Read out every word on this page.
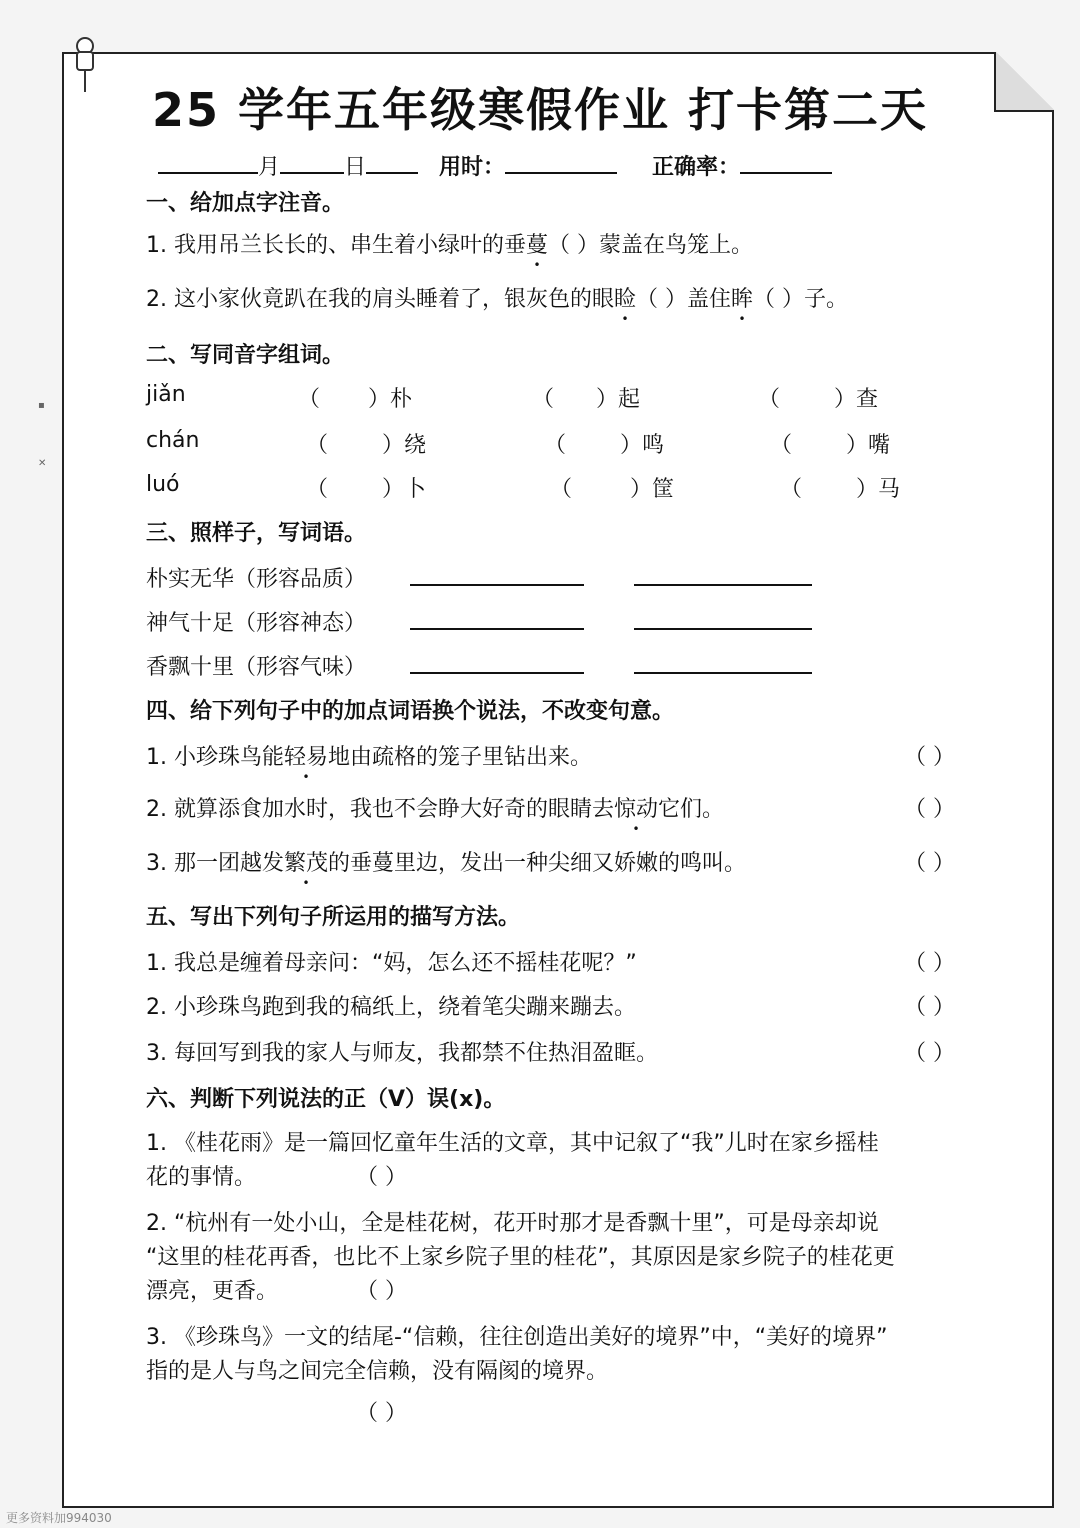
▪
✕
25 学年五年级寒假作业 打卡第二天
月	日	用时：	正确率：
一、给加点字注音。
1. 我用吊兰长长的、串生着小绿叶的垂蔓（ ）蒙盖在鸟笼上。
2. 这小家伙竟趴在我的肩头睡着了，银灰色的眼睑（ ）盖住眸（ ）子。
二、写同音字组词。
jiǎn	（ ）朴	（ ）起	（ ）查
chán	（ ）绕	（ ）鸣	（ ）嘴
luó	（ ）卜	（	）筐	（ ）马
三、照样子，写词语。
朴实无华（形容品质）
神气十足（形容神态）
香飘十里（形容气味）
四、给下列句子中的加点词语换个说法，不改变句意。
1. 小珍珠鸟能轻易地由疏格的笼子里钻出来。	（ ）
2. 就算添食加水时，我也不会睁大好奇的眼睛去惊动它们。	（ ）
3. 那一团越发繁茂的垂蔓里边，发出一种尖细又娇嫩的鸣叫。	（ ）
五、写出下列句子所运用的描写方法。
1. 我总是缠着母亲问：“妈，怎么还不摇桂花呢？”	（ ）
2. 小珍珠鸟跑到我的稿纸上，绕着笔尖蹦来蹦去。	（ ）
3. 每回写到我的家人与师友，我都禁不住热泪盈眶。	（ ）
六、判断下列说法的正（V）误(x)。
1. 《桂花雨》是一篇回忆童年生活的文章，其中记叙了“我”儿时在家乡摇桂
花的事情。	（ ）
2. “杭州有一处小山，全是桂花树，花开时那才是香飘十里”，可是母亲却说
“这里的桂花再香，也比不上家乡院子里的桂花”，其原因是家乡院子的桂花更
漂亮，更香。	（ ）
3. 《珍珠鸟》一文的结尾-“信赖，往往创造出美好的境界”中，“美好的境界”
指的是人与鸟之间完全信赖，没有隔阂的境界。
（ ）
更多资料加994030
